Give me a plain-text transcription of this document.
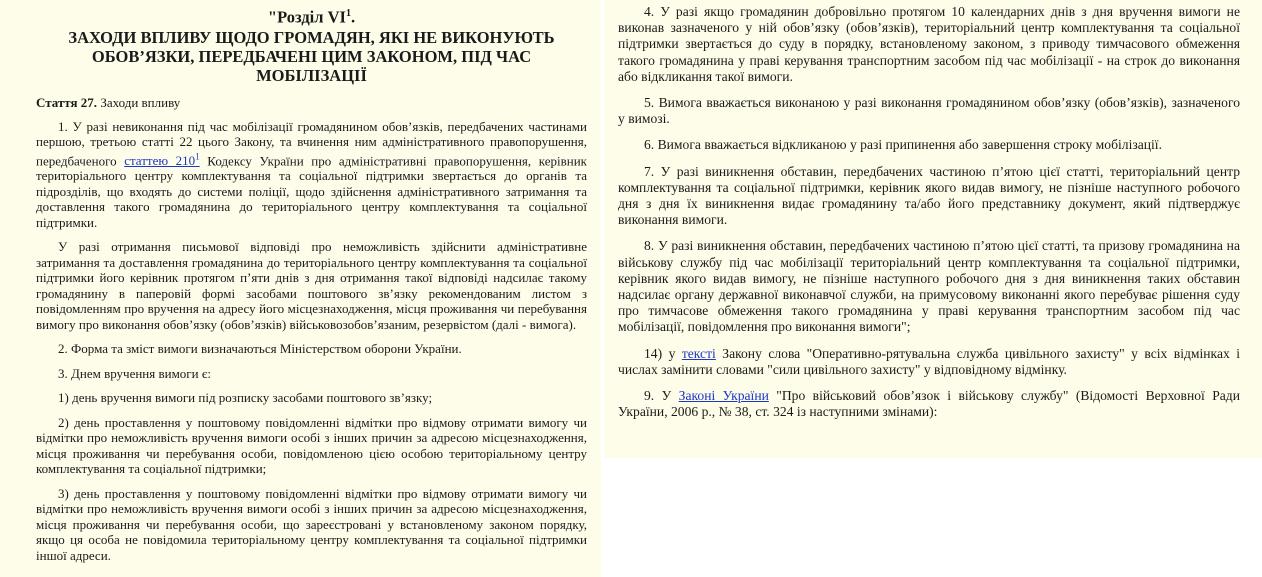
"Розділ $VI^1$.

ЗАХОДИ ВПЛИВУ ЩОДО ГРОМАДЯН, ЯКІ НЕ ВИКОНУЮТЬ ОБОВ’ЯЗКИ, ПЕРЕДБАЧЕНІ ЦИМ ЗАКОНОМ, ПІД ЧАС МОБІЛІЗАЦІЇ

Стаття 27. Заходи впливу

1. У разі невиконання під час мобілізації громадянином обов’язків, передбачених частинами першою, третьою статті 22 цього Закону, та вчинення ним адміністративного правопорушення, передбаченого статтею $210^1$ Кодексу України про адміністративні правопорушення, керівник територіального центру комплектування та соціальної підтримки звертається до органів та підрозділів, що входять до системи поліції, щодо здійснення адміністративного затримання та доставлення такого громадянина до територіального центру комплектування та соціальної підтримки.

У разі отримання письмової відповіді про неможливість здійснити адміністративне затримання та доставлення громадянина до територіального центру комплектування та соціальної підтримки його керівник протягом п’яти днів з дня отримання такої відповіді надсилає такому громадянину в паперовій формі засобами поштового зв’язку рекомендованим листом з повідомленням про вручення на адресу його місцезнаходження, місця проживання чи перебування вимогу про виконання обов’язку (обов’язків) військовозобов’язаним, резервістом (далі - вимога).

2. Форма та зміст вимоги визначаються Міністерством оборони України.

3. Днем вручення вимоги є:

1) день вручення вимоги під розписку засобами поштового зв’язку;

2) день проставлення у поштовому повідомленні відмітки про відмову отримати вимогу чи відмітки про неможливість вручення вимоги особі з інших причин за адресою місцезнаходження, місця проживання чи перебування особи, повідомленою цією особою територіальному центру комплектування та соціальної підтримки;

3) день проставлення у поштовому повідомленні відмітки про відмову отримати вимогу чи відмітки про неможливість вручення вимоги особі з інших причин за адресою місцезнаходження, місця проживання чи перебування особи, що зареєстровані у встановленому законом порядку, якщо ця особа не повідомила територіальному центру комплектування та соціальної підтримки іншої адреси.

4. У разі якщо громадянин добровільно протягом 10 календарних днів з дня вручення вимоги не виконав зазначеного у ній обов’язку (обов’язків), територіальний центр комплектування та соціальної підтримки звертається до суду в порядку, встановленому законом, з приводу тимчасового обмеження такого громадянина у праві керування транспортним засобом під час мобілізації - на строк до виконання або відкликання такої вимоги.

5. Вимога вважається виконаною у разі виконання громадянином обов’язку (обов’язків), зазначеного у вимозі.

6. Вимога вважається відкликаною у разі припинення або завершення строку мобілізації.

7. У разі виникнення обставин, передбачених частиною п’ятою цієї статті, територіальний центр комплектування та соціальної підтримки, керівник якого видав вимогу, не пізніше наступного робочого дня з дня їх виникнення видає громадянину та/або його представнику документ, який підтверджує виконання вимоги.

8. У разі виникнення обставин, передбачених частиною п’ятою цієї статті, та призову громадянина на військову службу під час мобілізації територіальний центр комплектування та соціальної підтримки, керівник якого видав вимогу, не пізніше наступного робочого дня з дня виникнення таких обставин надсилає органу державної виконавчої служби, на примусовому виконанні якого перебуває рішення суду про тимчасове обмеження такого громадянина у праві керування транспортним засобом під час мобілізації, повідомлення про виконання вимоги";

14) у тексті Закону слова "Оперативно-рятувальна служба цивільного захисту" у всіх відмінках і числах замінити словами "сили цивільного захисту" у відповідному відмінку.

9. У Законі України "Про військовий обов’язок і військову службу" (Відомості Верховної Ради України, 2006 р., № 38, ст. 324 із наступними змінами):
